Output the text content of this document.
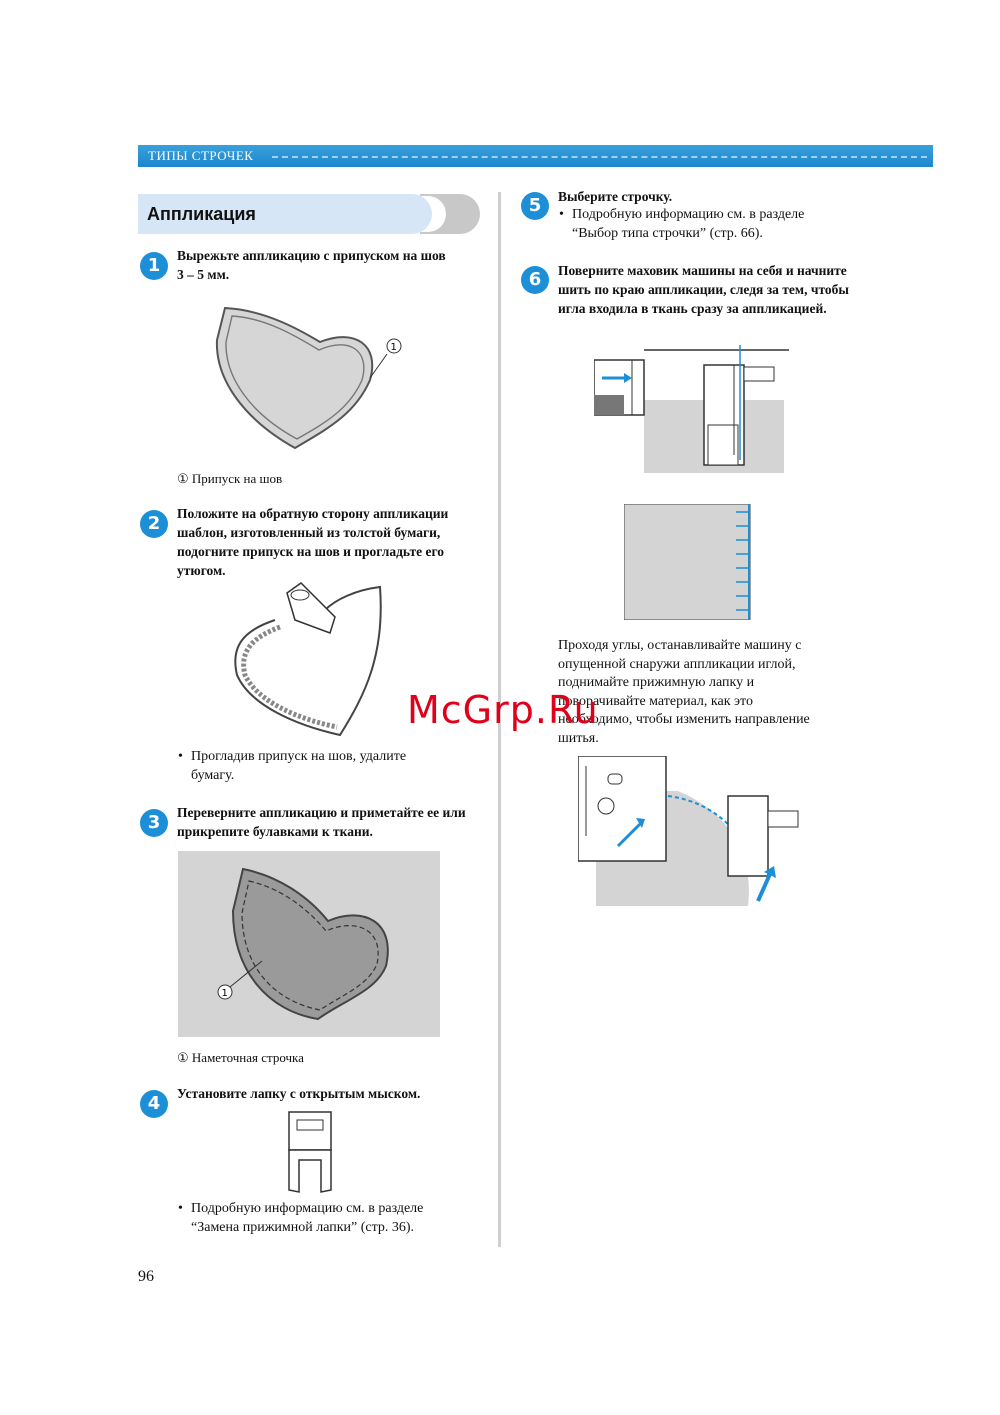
ТИПЫ СТРОЧЕК
Аппликация
1	Вырежьте аппликацию с припуском на шов
3 – 5 мм.
1
① Припуск на шов
2	Положите на обратную сторону аппликации
шаблон, изготовленный из толстой бумаги,
подогните припуск на шов и прогладьте его
утюгом.
• Прогладив припуск на шов, удалите
бумагу.
3	Переверните аппликацию и приметайте ее или
прикрепите булавками к ткани.
1
① Наметочная строчка
4	Установите лапку с открытым мыском.
• Подробную информацию см. в разделе
“Замена прижимной лапки” (стр. 36).
5	Выберите строчку.
• Подробную информацию см. в разделе
“Выбор типа строчки” (стр. 66).
6	Поверните маховик машины на себя и начните
шить по краю аппликации, следя за тем, чтобы
игла входила в ткань сразу за аппликацией.
Проходя углы, останавливайте машину с
опущенной снаружи аппликации иглой,
поднимайте прижимную лапку и
поворачивайте материал, как это
необходимо, чтобы изменить направление
шитья.
McGrp.Ru
96
